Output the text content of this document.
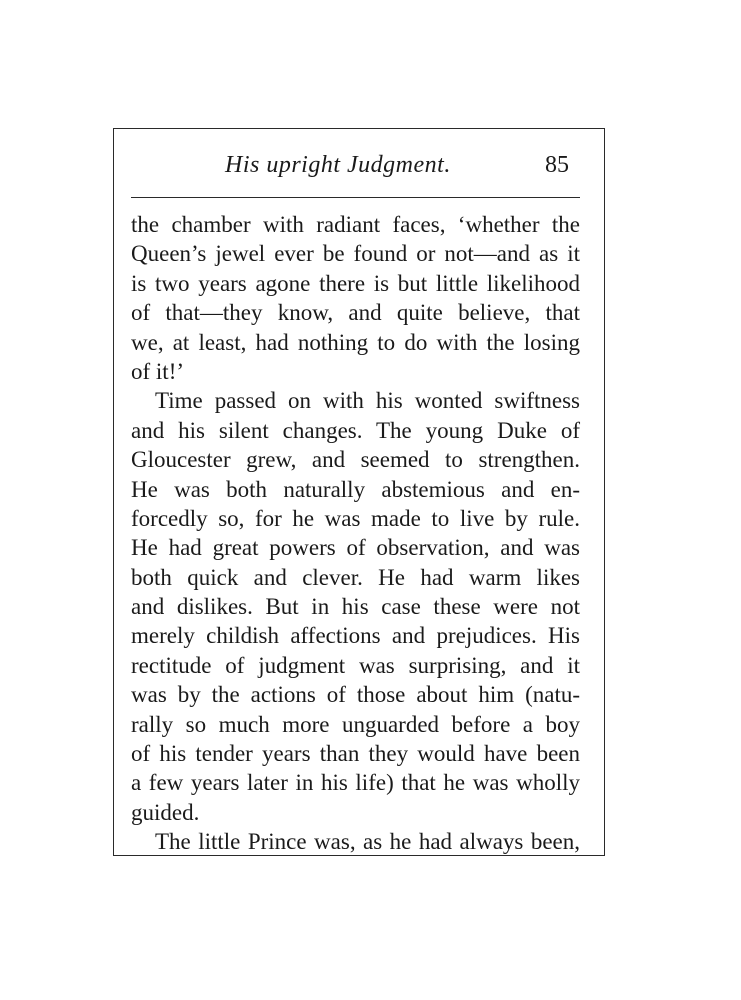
His upright Judgment.	85
the chamber with radiant faces, ‘whether the
Queen’s jewel ever be found or not—and as it
is two years agone there is but little likelihood
of that—they know, and quite believe, that
we, at least, had nothing to do with the losing
of it!’
Time passed on with his wonted swiftness
and his silent changes. The young Duke of
Gloucester grew, and seemed to strengthen.
He was both naturally abstemious and en-
forcedly so, for he was made to live by rule.
He had great powers of observation, and was
both quick and clever. He had warm likes
and dislikes. But in his case these were not
merely childish affections and prejudices. His
rectitude of judgment was surprising, and it
was by the actions of those about him (natu-
rally so much more unguarded before a boy
of his tender years than they would have been
a few years later in his life) that he was wholly
guided.
The little Prince was, as he had always been,
